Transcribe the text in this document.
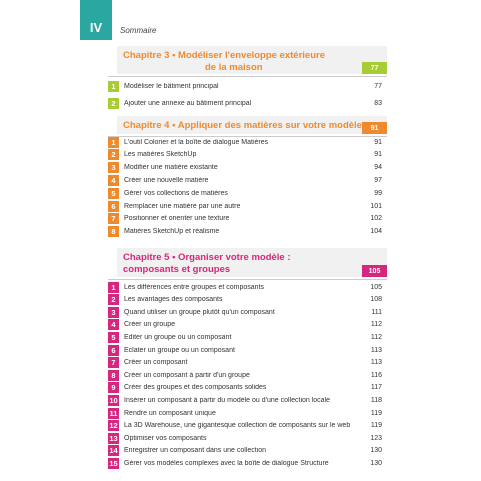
IV	Sommaire
Chapitre 3 • Modéliser l'enveloppe extérieure
de la maison	77
1	Modéliser le bâtiment principal	77
2	Ajouter une annexe au bâtiment principal	83
Chapitre 4 • Appliquer des matières sur votre modèle	91
1	L'outil Colorier et la boîte de dialogue Matières	91
2	Les matières SketchUp	91
3	Modifier une matière existante	94
4	Créer une nouvelle matière	97
5	Gérer vos collections de matières	99
6	Remplacer une matière par une autre	101
7	Positionner et orienter une texture	102
8	Matières SketchUp et réalisme	104
Chapitre 5 • Organiser votre modèle :
composants et groupes	105
1	Les différences entre groupes et composants	105
2	Les avantages des composants	108
3	Quand utiliser un groupe plutôt qu'un composant	111
4	Créer un groupe	112
5	Éditer un groupe ou un composant	112
6	Éclater un groupe ou un composant	113
7	Créer un composant	113
8	Créer un composant à partir d'un groupe	116
9	Créer des groupes et des composants solides	117
10 Insérer un composant à partir du modèle ou d'une collection locale	118
11 Rendre un composant unique	119
12 La 3D Warehouse, une gigantesque collection de composants sur le web	119
13 Optimiser vos composants	123
14 Enregistrer un composant dans une collection	130
15 Gérer vos modèles complexes avec la boîte de dialogue Structure	130
